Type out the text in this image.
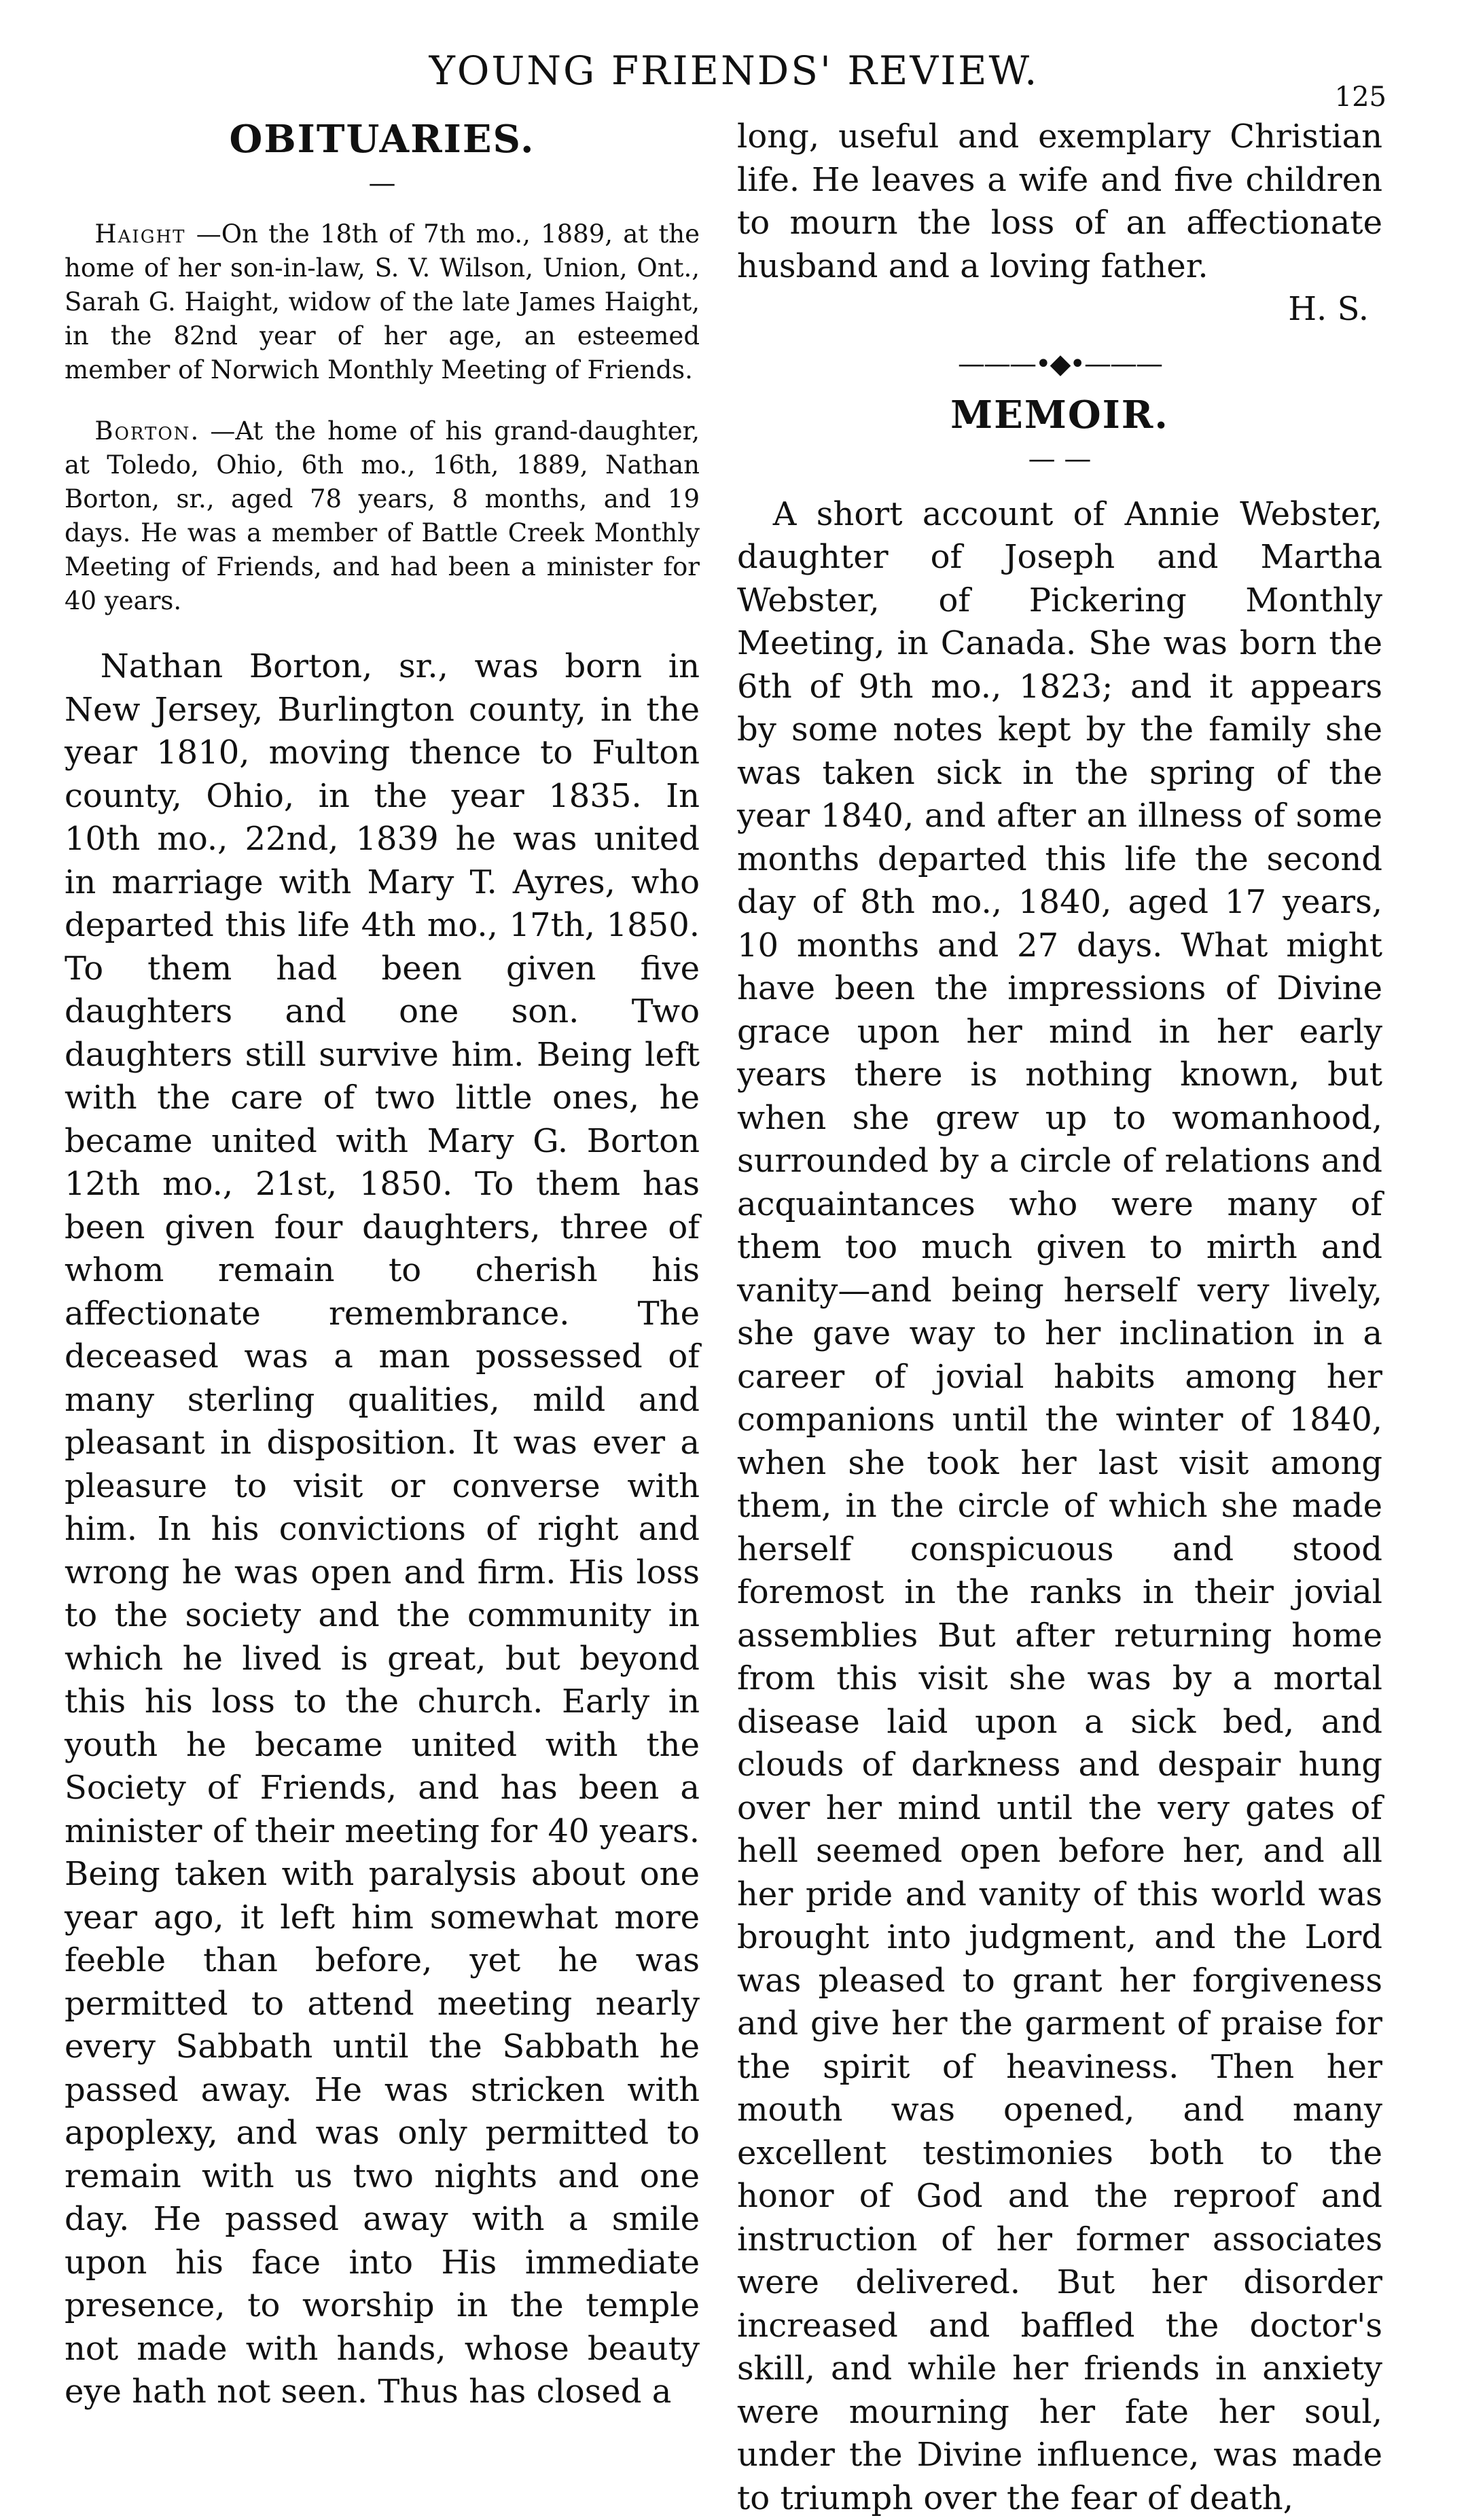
YOUNG FRIENDS' REVIEW.
125
OBITUARIES.
—

Haight —On the 18th of 7th mo., 1889, at the home of her son-in-law, S. V. Wilson, Union, Ont., Sarah G. Haight, widow of the late James Haight, in the 82nd year of her age, an esteemed member of Norwich Monthly Meeting of Friends.

Borton. —At the home of his grand-daughter, at Toledo, Ohio, 6th mo., 16th, 1889, Nathan Borton, sr., aged 78 years, 8 months, and 19 days. He was a member of Battle Creek Monthly Meeting of Friends, and had been a minister for 40 years.

Nathan Borton, sr., was born in New Jersey, Burlington county, in the year 1810, moving thence to Fulton county, Ohio, in the year 1835. In 10th mo., 22nd, 1839 he was united in marriage with Mary T. Ayres, who departed this life 4th mo., 17th, 1850. To them had been given five daughters and one son. Two daughters still survive him. Being left with the care of two little ones, he became united with Mary G. Borton 12th mo., 21st, 1850. To them has been given four daughters, three of whom remain to cherish his affectionate remembrance. The deceased was a man possessed of many sterling qualities, mild and pleasant in disposition. It was ever a pleasure to visit or converse with him. In his convictions of right and wrong he was open and firm. His loss to the society and the community in which he lived is great, but beyond this his loss to the church. Early in youth he became united with the Society of Friends, and has been a minister of their meeting for 40 years. Being taken with paralysis about one year ago, it left him somewhat more feeble than before, yet he was permitted to attend meeting nearly every Sabbath until the Sabbath he passed away. He was stricken with apoplexy, and was only permitted to remain with us two nights and one day. He passed away with a smile upon his face into His immediate presence, to worship in the temple not made with hands, whose beauty eye hath not seen. Thus has closed a

long, useful and exemplary Christian life. He leaves a wife and five children to mourn the loss of an affectionate husband and a loving father.

H. S.

———•◆•———
MEMOIR.
— —

A short account of Annie Webster, daughter of Joseph and Martha Webster, of Pickering Monthly Meeting, in Canada. She was born the 6th of 9th mo., 1823; and it appears by some notes kept by the family she was taken sick in the spring of the year 1840, and after an illness of some months departed this life the second day of 8th mo., 1840, aged 17 years, 10 months and 27 days. What might have been the impressions of Divine grace upon her mind in her early years there is nothing known, but when she grew up to womanhood, surrounded by a circle of relations and acquaintances who were many of them too much given to mirth and vanity—and being herself very lively, she gave way to her inclination in a career of jovial habits among her companions until the winter of 1840, when she took her last visit among them, in the circle of which she made herself conspicuous and stood foremost in the ranks in their jovial assemblies But after returning home from this visit she was by a mortal disease laid upon a sick bed, and clouds of darkness and despair hung over her mind until the very gates of hell seemed open before her, and all her pride and vanity of this world was brought into judgment, and the Lord was pleased to grant her forgiveness and give her the garment of praise for the spirit of heaviness. Then her mouth was opened, and many excellent testimonies both to the honor of God and the reproof and instruction of her former associates were delivered. But her disorder increased and baffled the doctor's skill, and while her friends in anxiety were mourning her fate her soul, under the Divine influence, was made to triumph over the fear of death,
